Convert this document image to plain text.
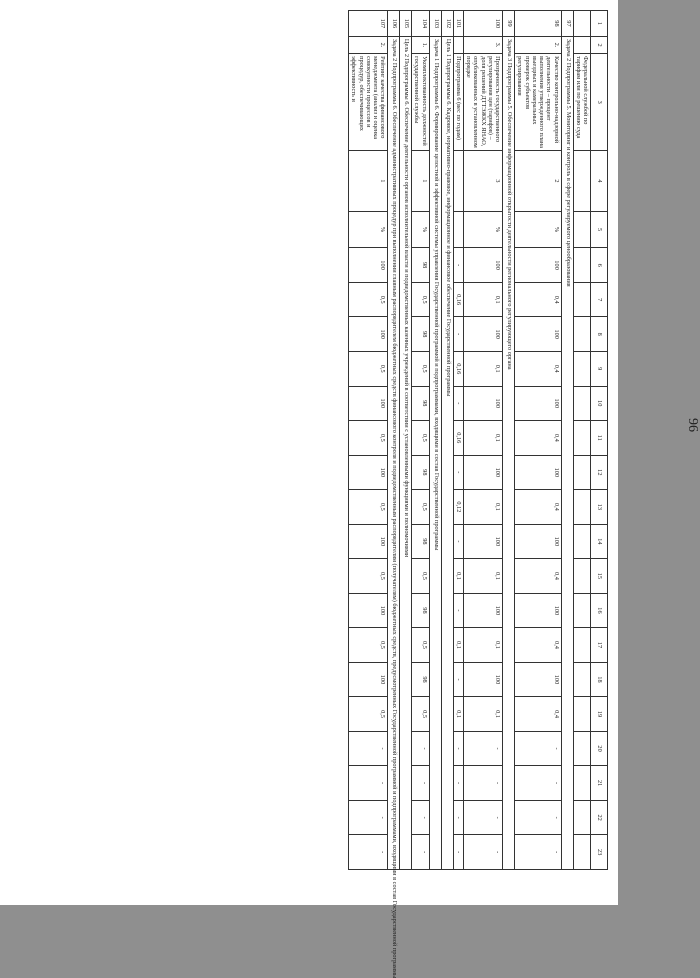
96
1	2	3	4	5	6	7	8	9	10	11	12	13	14	15	16	17	18	19	20	21	22	23
		Федеральной службой по тарифам или по решению суда																				
97	Задача 2 Подпрограммы 5. Мониторинг и контроль в сфере регулируемого ценообразования																					
98	2.	Качество контрольно-надзорной деятельности – процент выполнения утвержденного плана выездных и камеральных проверок субъектов регулирования	2	%	100	0,4	100	0,4	100	0,4	100	0,4	100	0,4	100	0,4	100	0,4	-	-	-	-
99	Задача 3 Подпрограммы 5. Обеспечение информационной открытости деятельности регионального регулирующего органа																					
100	3.	Прозрачность государственного регулирования цен (тарифов) – доля решений ДТТЭЖКХ ЯНАО, опубликованных в установленном порядке	3	%	100	0,1	100	0,1	100	0,1	100	0,1	100	0,1	100	0,1	100	0,1	-	-	-	-
101		Подпрограмма 6 (вес по годам)			-	0,16	-	0,16	-	0,16	-	0,12	-	0,1	-	0,1	-	0,1	-	-	-	-
102	Цель 1 Подпрограммы 6. Кадровое, нормативно-правовое, информационное и финансовое обеспечение Государственной программы																					
103	Задача 1 Подпрограммы 6. Формирование целостной и эффективной системы управления Государственной программой и подпрограммами, входящими в состав Государственной программы																					
104	1.	Укомплектованность должностей государственной службы	1	%	98	0,5	98	0,5	98	0,5	98	0,5	98	0,5	98	0,5	98	0,5	-	-	-	-
105	Цель 2 Подпрограммы 6. Обеспечение деятельности органов исполнительной власти и подведомственных казенных учреждений в соответствии с установленными функциями и полномочиями																					
106	Задача 2 Подпрограммы 6. Обеспечение административных процедур при выполнении главным распорядителем бюджетных средств финансового контроля и подведомственным распорядителям (получателям) бюджетных средств, предусмотренных Государственной программой и подпрограммами, входящими в состав Государственной программы																					
107	2.	Рейтинг качества финансового менеджмента (анализ и оценка совокупности процессов и процедур, обеспечивающих эффективность и	1	%	100	0,5	100	0,5	100	0,5	100	0,5	100	0,5	100	0,5	100	0,5	-	-	-	-
